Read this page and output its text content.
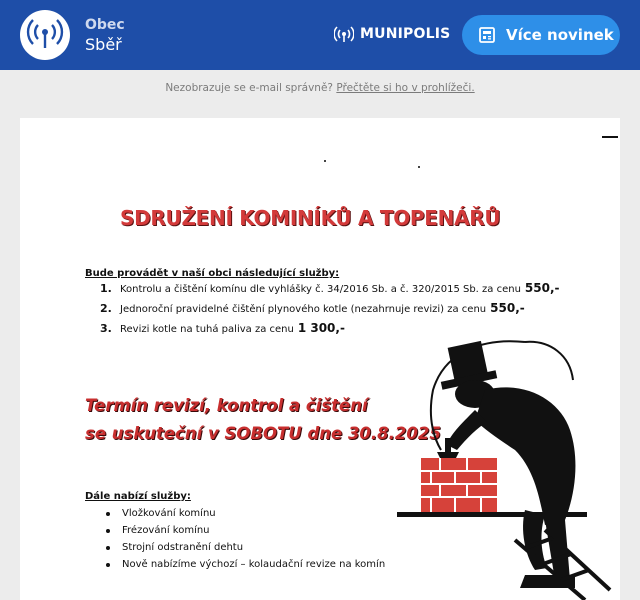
Obec
Sběř
MUNIPOLIS	Více novinek
Nezobrazuje se e-mail správně? Přečtěte si ho v prohlížeči.
SDRUŽENÍ KOMINÍKŮ A TOPENÁŘŮ
Bude provádět v naší obci následující služby:
1. Kontrolu a čištění komínu dle vyhlášky č. 34/2016 Sb. a č. 320/2015 Sb. za cenu 550,-
2. Jednoroční pravidelné čištění plynového kotle (nezahrnuje revizi) za cenu 550,-
3. Revizi kotle na tuhá paliva za cenu 1 300,-
Termín revizí, kontrol a čištění
se uskuteční v SOBOTU dne 30.8.2025
Dále nabízí služby:
Vložkování komínu
Frézování komínu
Strojní odstranění dehtu
Nově nabízíme výchozí – kolaudační revize na komín
